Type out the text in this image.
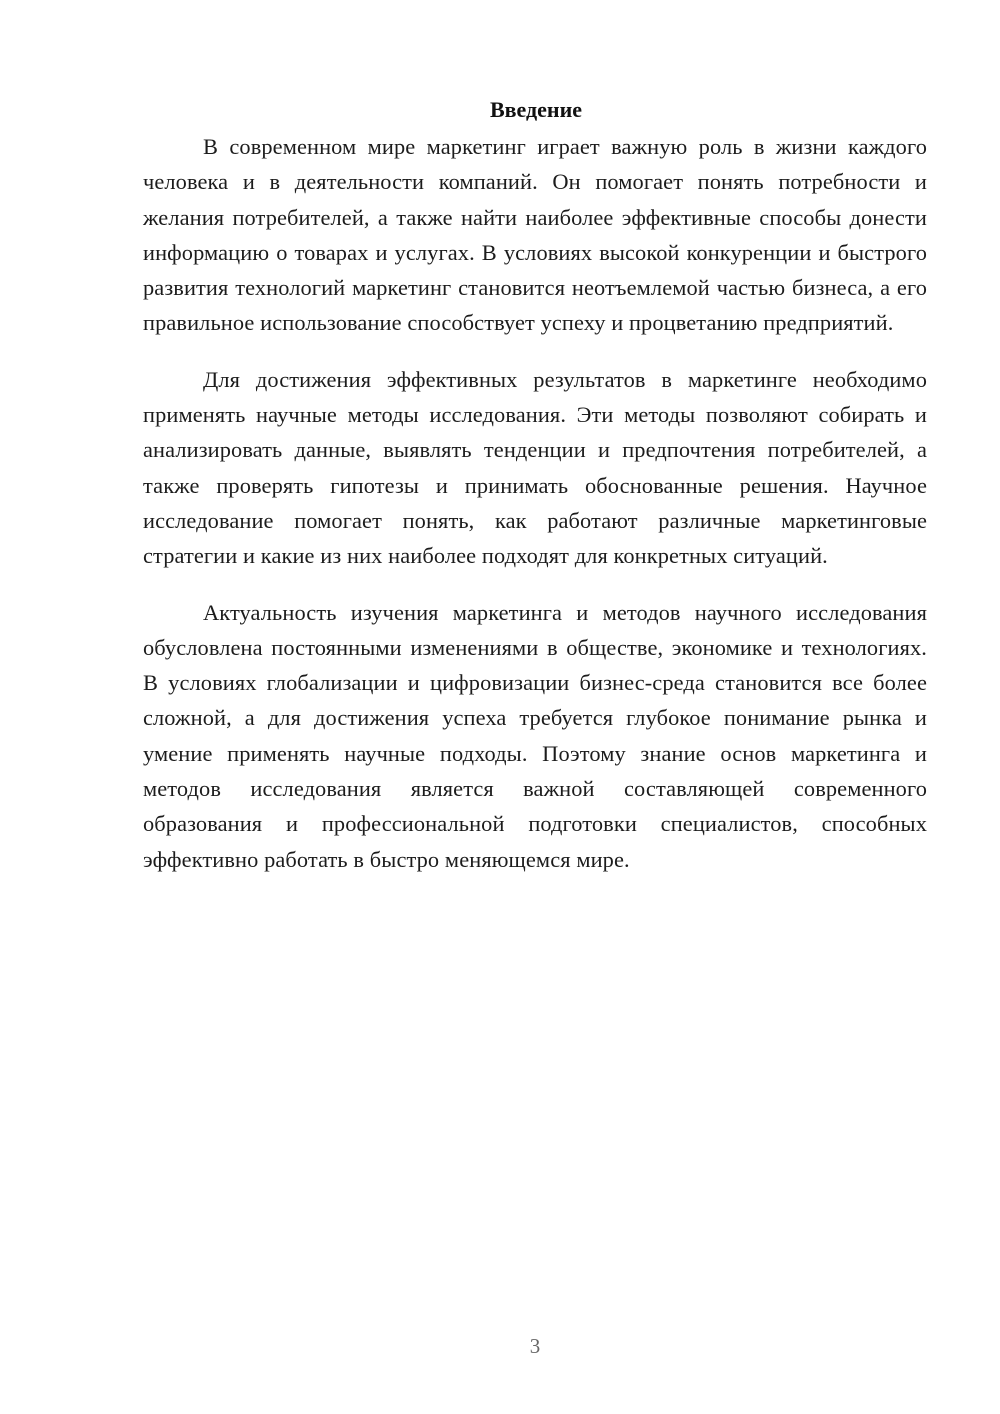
Введение

В современном мире маркетинг играет важную роль в жизни каждого человека и в деятельности компаний. Он помогает понять потребности и желания потребителей, а также найти наиболее эффективные способы донести информацию о товарах и услугах. В условиях высокой конкуренции и быстрого развития технологий маркетинг становится неотъемлемой частью бизнеса, а его правильное использование способствует успеху и процветанию предприятий.

Для достижения эффективных результатов в маркетинге необходимо применять научные методы исследования. Эти методы позволяют собирать и анализировать данные, выявлять тенденции и предпочтения потребителей, а также проверять гипотезы и принимать обоснованные решения. Научное исследование помогает понять, как работают различные маркетинговые стратегии и какие из них наиболее подходят для конкретных ситуаций.

Актуальность изучения маркетинга и методов научного исследования обусловлена постоянными изменениями в обществе, экономике и технологиях. В условиях глобализации и цифровизации бизнес-среда становится все более сложной, а для достижения успеха требуется глубокое понимание рынка и умение применять научные подходы. Поэтому знание основ маркетинга и методов исследования является важной составляющей современного образования и профессиональной подготовки специалистов, способных эффективно работать в быстро меняющемся мире.

3
